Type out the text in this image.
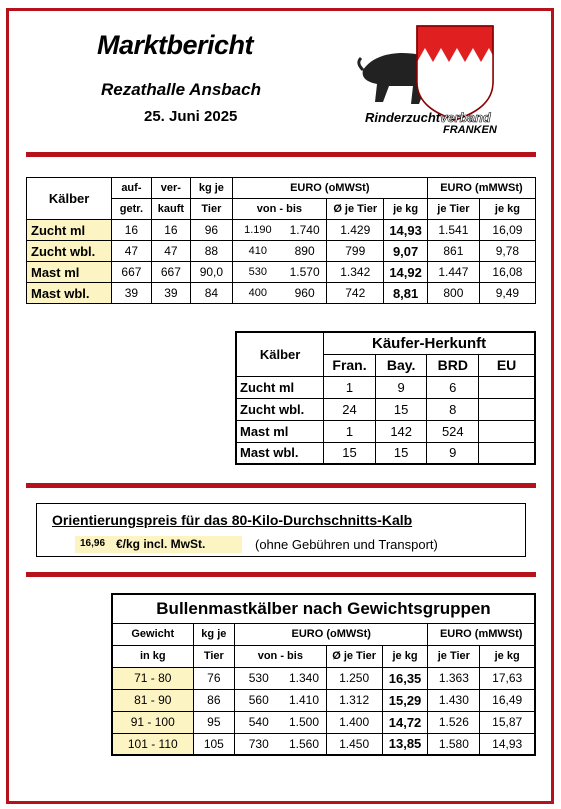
Marktbericht
Rezathalle Ansbach
25. Juni 2025	Rinderzuchtverband
FRANKEN
Kälber	auf-	ver-	kg je	EURO (oMWSt)				EURO (mMWSt)	
	getr.	kauft	Tier	von - bis		Ø je Tier	je kg	je Tier	je kg
Zucht ml	16	16	96	1.190	1.740	1.429	14,93	1.541	16,09
Zucht wbl.	47	47	88	410	890	799	9,07	861	9,78
Mast ml	667	667	90,0	530	1.570	1.342	14,92	1.447	16,08
Mast wbl.	39	39	84	400	960	742	8,81	800	9,49
Kälber	Käufer-Herkunft			
	Fran.	Bay.	BRD	EU
Zucht ml	1	9	6	
Zucht wbl.	24	15	8	
Mast ml	1	142	524	
Mast wbl.	15	15	9	
Orientierungspreis für das 80-Kilo-Durchschnitts-Kalb
16,96 €/kg incl. MwSt.	(ohne Gebühren und Transport)
Bullenmastkälber nach Gewichtsgruppen							
Gewicht	kg je	EURO (oMWSt)				EURO (mMWSt)	
in kg	Tier	von - bis		Ø je Tier	je kg	je Tier	je kg
71 - 80	76	530	1.340	1.250	16,35	1.363	17,63
81 - 90	86	560	1.410	1.312	15,29	1.430	16,49
91 - 100	95	540	1.500	1.400	14,72	1.526	15,87
101 - 110	105	730	1.560	1.450	13,85	1.580	14,93
